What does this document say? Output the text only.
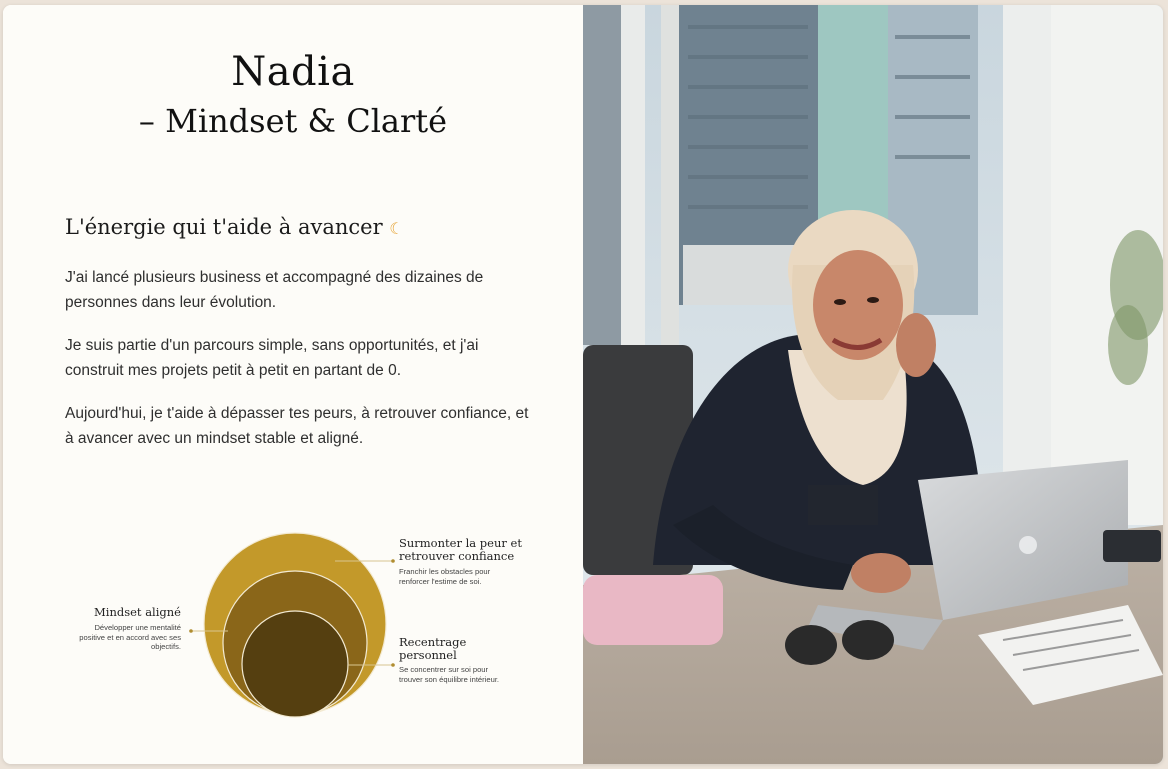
Nadia
– Mindset & Clarté
L'énergie qui t'aide à avancer ☾

J'ai lancé plusieurs business et accompagné des dizaines de personnes dans leur évolution.

Je suis partie d'un parcours simple, sans opportunités, et j'ai construit mes projets petit à petit en partant de 0.

Aujourd'hui, je t'aide à dépasser tes peurs, à retrouver confiance, et à avancer avec un mindset stable et aligné.

Surmonter la peur et retrouver confiance

Franchir les obstacles pour renforcer l'estime de soi.

Mindset aligné

Développer une mentalité positive et en accord avec ses objectifs.	Recentrage personnel

Se concentrer sur soi pour trouver son équilibre intérieur.
